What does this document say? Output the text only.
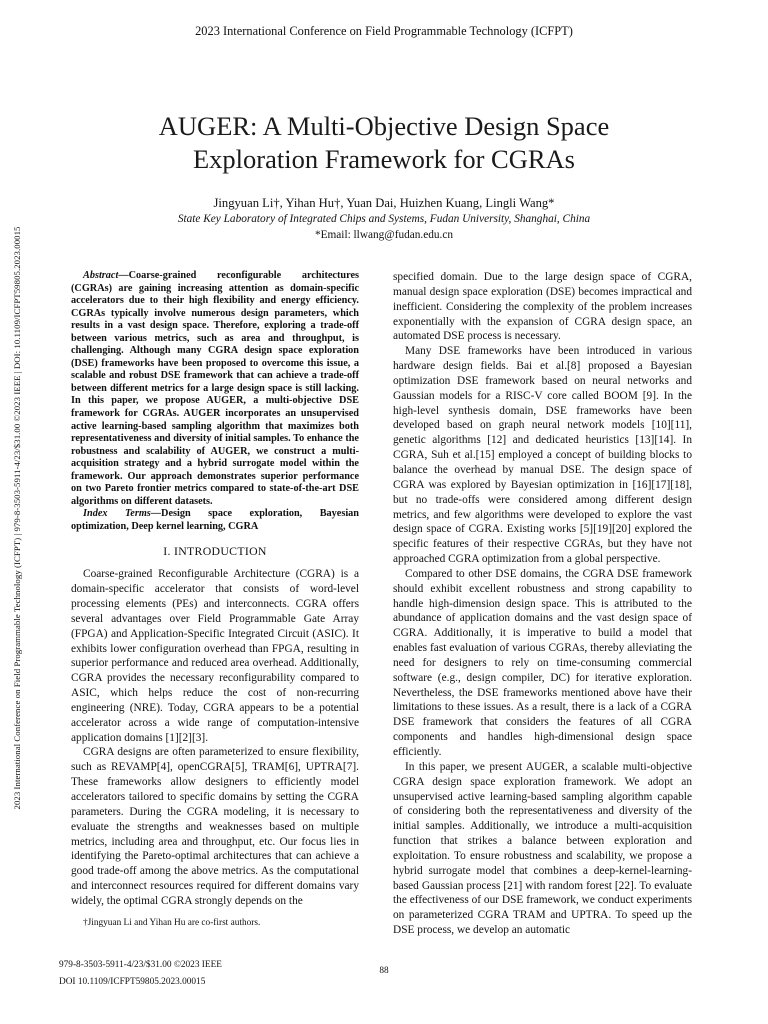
2023 International Conference on Field Programmable Technology (ICFPT)
2023 International Conference on Field Programmable Technology (ICFPT) | 979-8-3503-5911-4/23/$31.00 ©2023 IEEE | DOI: 10.1109/ICFPT59805.2023.00015
AUGER: A Multi-Objective Design Space
Exploration Framework for CGRAs
Jingyuan Li†, Yihan Hu†, Yuan Dai, Huizhen Kuang, Lingli Wang*
State Key Laboratory of Integrated Chips and Systems, Fudan University, Shanghai, China
*Email: llwang@fudan.edu.cn

Abstract—Coarse-grained reconfigurable architectures (CGRAs) are gaining increasing attention as domain-specific accelerators due to their high flexibility and energy efficiency. CGRAs typically involve numerous design parameters, which results in a vast design space. Therefore, exploring a trade-off between various metrics, such as area and throughput, is challenging. Although many CGRA design space exploration (DSE) frameworks have been proposed to overcome this issue, a scalable and robust DSE framework that can achieve a trade-off between different metrics for a large design space is still lacking. In this paper, we propose AUGER, a multi-objective DSE framework for CGRAs. AUGER incorporates an unsupervised active learning-based sampling algorithm that maximizes both representativeness and diversity of initial samples. To enhance the robustness and scalability of AUGER, we construct a multi-acquisition strategy and a hybrid surrogate model within the framework. Our approach demonstrates superior performance on two Pareto frontier metrics compared to state-of-the-art DSE algorithms on different datasets.

Index Terms—Design space exploration, Bayesian optimization, Deep kernel learning, CGRA

I. INTRODUCTION

Coarse-grained Reconfigurable Architecture (CGRA) is a domain-specific accelerator that consists of word-level processing elements (PEs) and interconnects. CGRA offers several advantages over Field Programmable Gate Array (FPGA) and Application-Specific Integrated Circuit (ASIC). It exhibits lower configuration overhead than FPGA, resulting in superior performance and reduced area overhead. Additionally, CGRA provides the necessary reconfigurability compared to ASIC, which helps reduce the cost of non-recurring engineering (NRE). Today, CGRA appears to be a potential accelerator across a wide range of computation-intensive application domains [1][2][3].

CGRA designs are often parameterized to ensure flexibility, such as REVAMP[4], openCGRA[5], TRAM[6], UPTRA[7]. These frameworks allow designers to efficiently model accelerators tailored to specific domains by setting the CGRA parameters. During the CGRA modeling, it is necessary to evaluate the strengths and weaknesses based on multiple metrics, including area and throughput, etc. Our focus lies in identifying the Pareto-optimal architectures that can achieve a good trade-off among the above metrics. As the computational and interconnect resources required for different domains vary widely, the optimal CGRA strongly depends on the

specified domain. Due to the large design space of CGRA, manual design space exploration (DSE) becomes impractical and inefficient. Considering the complexity of the problem increases exponentially with the expansion of CGRA design space, an automated DSE process is necessary.

Many DSE frameworks have been introduced in various hardware design fields. Bai et al.[8] proposed a Bayesian optimization DSE framework based on neural networks and Gaussian models for a RISC-V core called BOOM [9]. In the high-level synthesis domain, DSE frameworks have been developed based on graph neural network models [10][11], genetic algorithms [12] and dedicated heuristics [13][14]. In CGRA, Suh et al.[15] employed a concept of building blocks to balance the overhead by manual DSE. The design space of CGRA was explored by Bayesian optimization in [16][17][18], but no trade-offs were considered among different design metrics, and few algorithms were developed to explore the vast design space of CGRA. Existing works [5][19][20] explored the specific features of their respective CGRAs, but they have not approached CGRA optimization from a global perspective.

Compared to other DSE domains, the CGRA DSE framework should exhibit excellent robustness and strong capability to handle high-dimension design space. This is attributed to the abundance of application domains and the vast design space of CGRA. Additionally, it is imperative to build a model that enables fast evaluation of various CGRAs, thereby alleviating the need for designers to rely on time-consuming commercial software (e.g., design compiler, DC) for iterative exploration. Nevertheless, the DSE frameworks mentioned above have their limitations to these issues. As a result, there is a lack of a CGRA DSE framework that considers the features of all CGRA components and handles high-dimensional design space efficiently.

In this paper, we present AUGER, a scalable multi-objective CGRA design space exploration framework. We adopt an unsupervised active learning-based sampling algorithm capable of considering both the representativeness and diversity of the initial samples. Additionally, we introduce a multi-acquisition function that strikes a balance between exploration and exploitation. To ensure robustness and scalability, we propose a hybrid surrogate model that combines a deep-kernel-learning-based Gaussian process [21] with random forest [22]. To evaluate the effectiveness of our DSE framework, we conduct experiments on parameterized CGRA TRAM and UPTRA. To speed up the DSE process, we develop an automatic

†Jingyuan Li and Yihan Hu are co-first authors.
979-8-3503-5911-4/23/$31.00 ©2023 IEEE
DOI 10.1109/ICFPT59805.2023.00015
88
